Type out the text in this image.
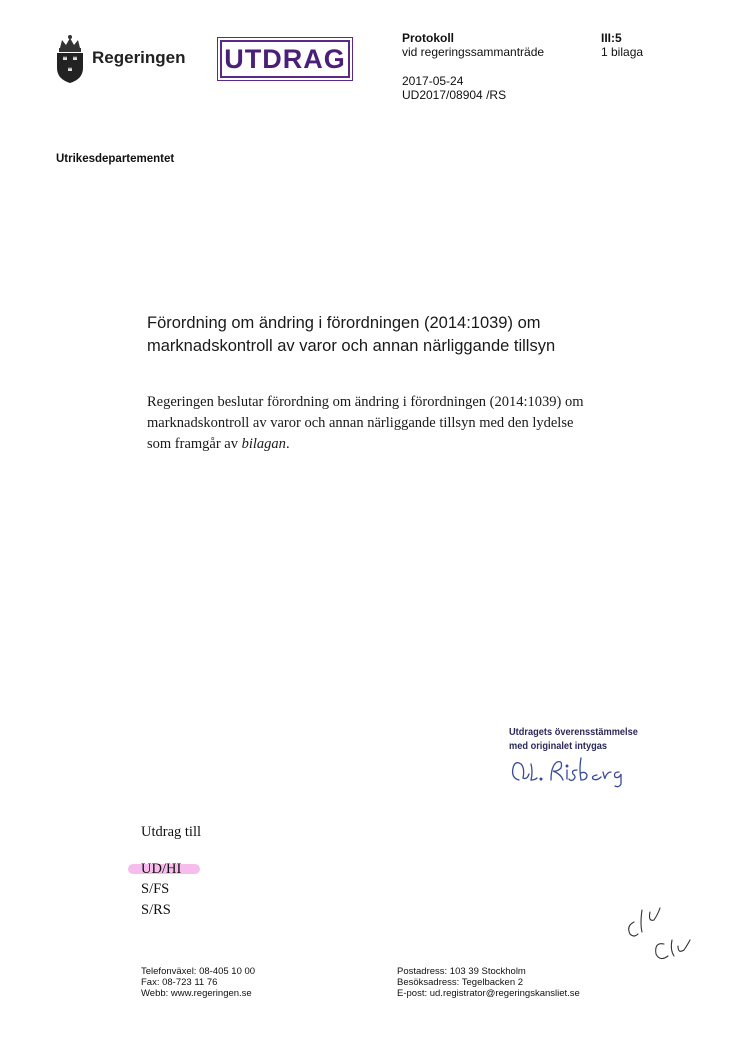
Regeringen UTDRAG
Protokoll
vid regeringssammanträde
III:5
1 bilaga
2017-05-24
UD2017/08904 /RS
Utrikesdepartementet
Förordning om ändring i förordningen (2014:1039) om
marknadskontroll av varor och annan närliggande tillsyn
Regeringen beslutar förordning om ändring i förordningen (2014:1039) om
marknadskontroll av varor och annan närliggande tillsyn med den lydelse
som framgår av bilagan.
Utdragets överensstämmelse
med originalet intygas
Utdrag till
UD/HI
S/FS
S/RS
Telefonväxel: 08-405 10 00
Fax: 08-723 11 76
Webb: www.regeringen.se
Postadress: 103 39 Stockholm
Besöksadress: Tegelbacken 2
E-post: ud.registrator@regeringskansliet.se
